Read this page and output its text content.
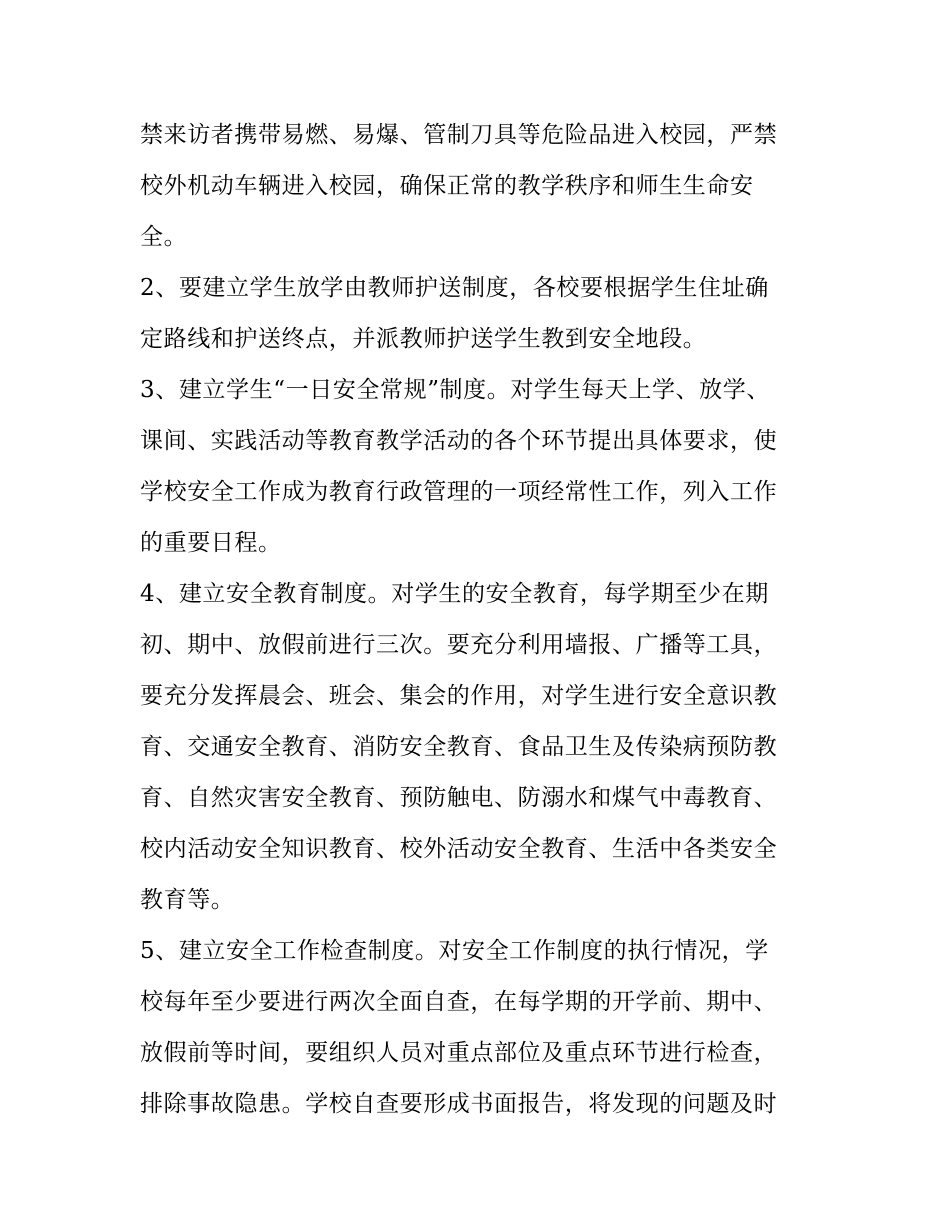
禁来访者携带易燃、易爆、管制刀具等危险品进入校园，严禁
校外机动车辆进入校园，确保正常的教学秩序和师生生命安
全。
2、要建立学生放学由教师护送制度，各校要根据学生住址确
定路线和护送终点，并派教师护送学生教到安全地段。
3、建立学生“一日安全常规”制度。对学生每天上学、放学、
课间、实践活动等教育教学活动的各个环节提出具体要求，使
学校安全工作成为教育行政管理的一项经常性工作，列入工作
的重要日程。
4、建立安全教育制度。对学生的安全教育，每学期至少在期
初、期中、放假前进行三次。要充分利用墙报、广播等工具，
要充分发挥晨会、班会、集会的作用，对学生进行安全意识教
育、交通安全教育、消防安全教育、食品卫生及传染病预防教
育、自然灾害安全教育、预防触电、防溺水和煤气中毒教育、
校内活动安全知识教育、校外活动安全教育、生活中各类安全
教育等。
5、建立安全工作检查制度。对安全工作制度的执行情况，学
校每年至少要进行两次全面自查，在每学期的开学前、期中、
放假前等时间，要组织人员对重点部位及重点环节进行检查，
排除事故隐患。学校自查要形成书面报告，将发现的问题及时
